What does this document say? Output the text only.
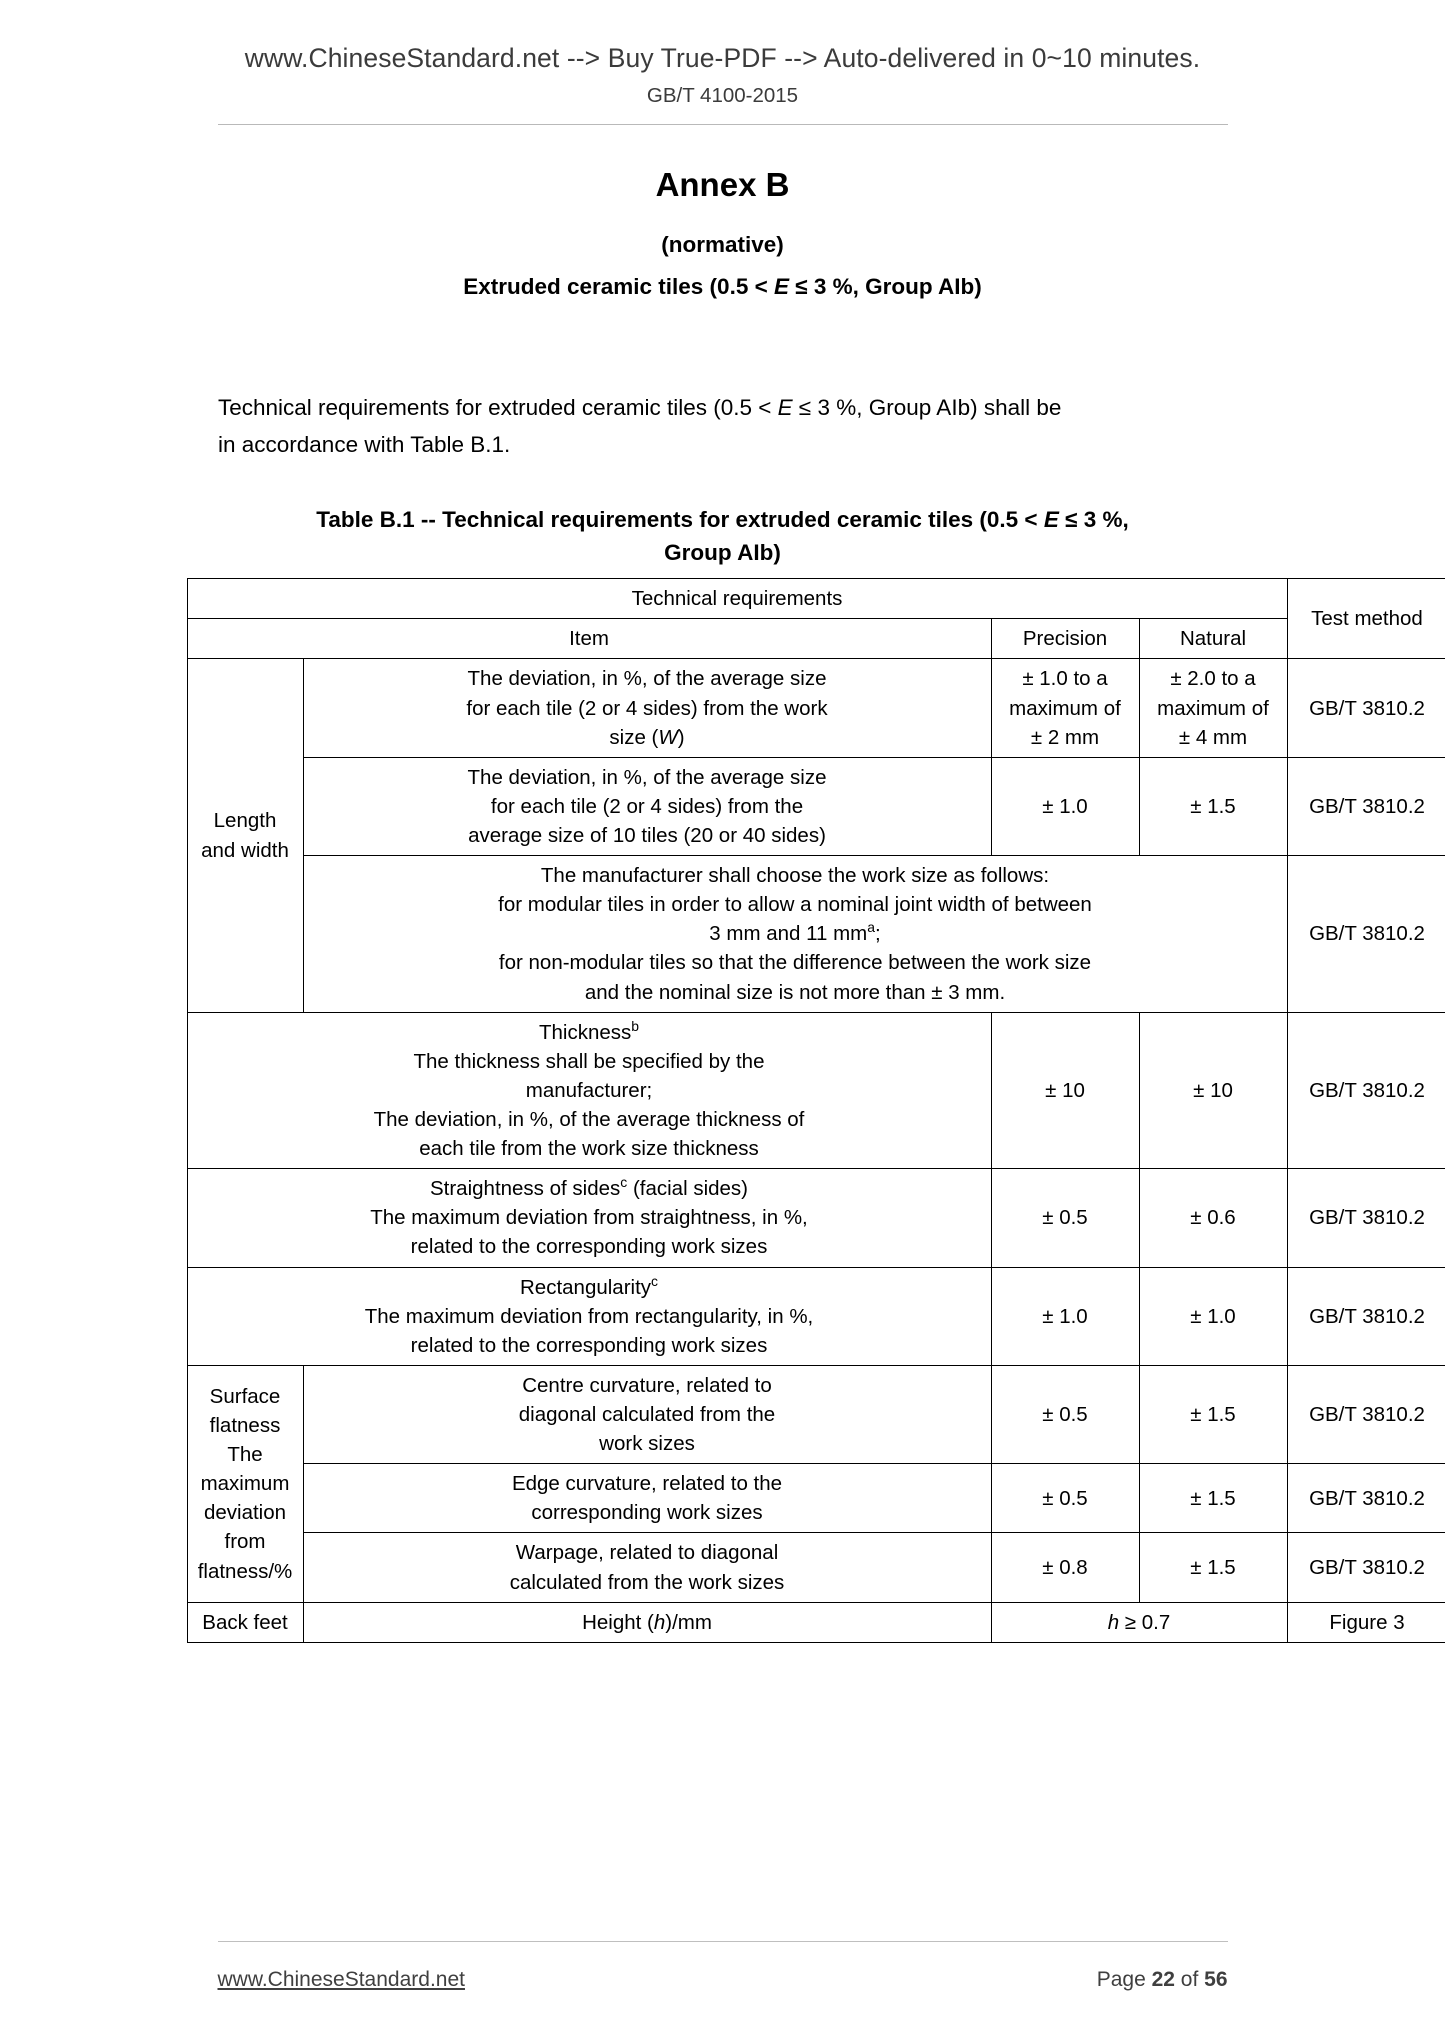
www.ChineseStandard.net --> Buy True-PDF --> Auto-delivered in 0~10 minutes.
GB/T 4100-2015
Annex B
(normative)
Extruded ceramic tiles (0.5 < E ≤ 3 %, Group AIb)
Technical requirements for extruded ceramic tiles (0.5 < E ≤ 3 %, Group AIb) shall be
in accordance with Table B.1.
Table B.1 -- Technical requirements for extruded ceramic tiles (0.5 < E ≤ 3 %,
Group AIb)
Technical requirements				Test method
Item		Precision	Natural	

Length
and width	The deviation, in %, of the average size
for each tile (2 or 4 sides) from the work
size (W)	± 1.0 to a
maximum of
± 2 mm	± 2.0 to a
maximum of
± 4 mm	GB/T 3810.2

	The deviation, in %, of the average size
for each tile (2 or 4 sides) from the
average size of 10 tiles (20 or 40 sides)	± 1.0	± 1.5	GB/T 3810.2

	The manufacturer shall choose the work size as follows:
for modular tiles in order to allow a nominal joint width of between
3 mm and 11 $mm^a$;
for non-modular tiles so that the difference between the work size
and the nominal size is not more than ± 3 mm.			GB/T 3810.2

Thickness$^b$
The thickness shall be specified by the
manufacturer;
The deviation, in %, of the average thickness of
each tile from the work size thickness		± 10	± 10	GB/T 3810.2

Straightness of sides$^c$ (facial sides)
The maximum deviation from straightness, in %,
related to the corresponding work sizes		± 0.5	± 0.6	GB/T 3810.2

Rectangularity$^c$
The maximum deviation from rectangularity, in %,
related to the corresponding work sizes		± 1.0	± 1.0	GB/T 3810.2

Surface flatness
The maximum
deviation from
flatness/%	Centre curvature, related to
diagonal calculated from the
work sizes	± 0.5	± 1.5	GB/T 3810.2

	Edge curvature, related to the
corresponding work sizes	± 0.5	± 1.5	GB/T 3810.2

	Warpage, related to diagonal
calculated from the work sizes	± 0.8	± 1.5	GB/T 3810.2
Back feet	Height (h)/mm	h ≥ 0.7		Figure 3
www.ChineseStandard.net	Page 22 of 56
